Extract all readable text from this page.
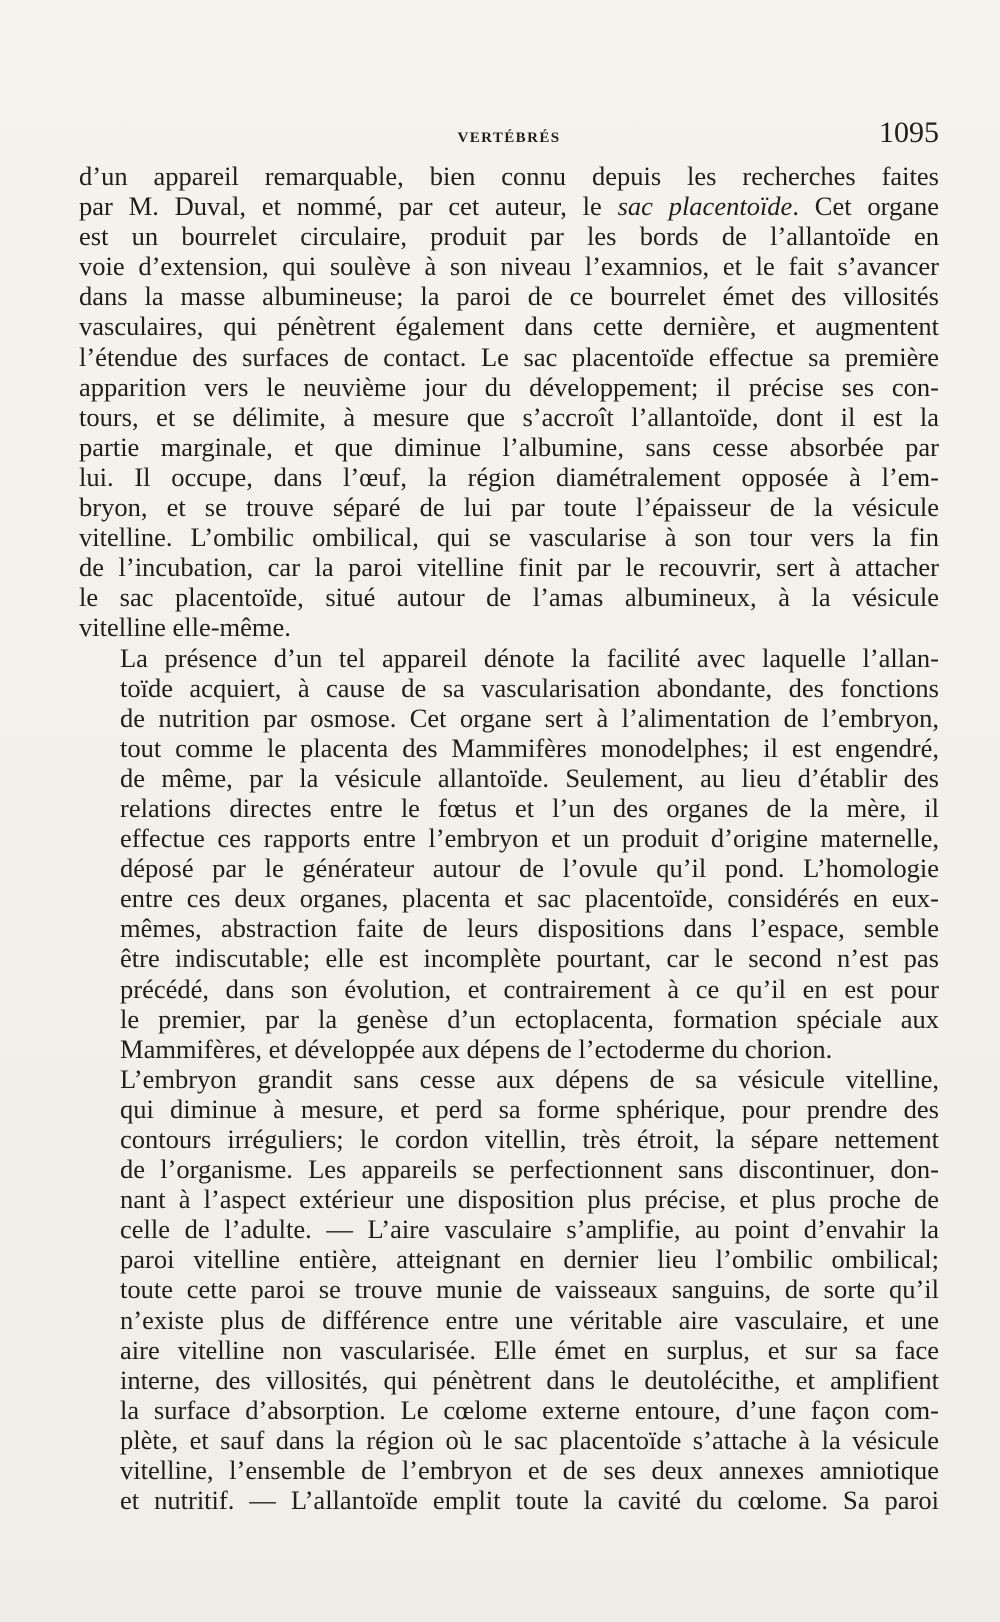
VERTÉBRÉS	1095
d’un appareil remarquable, bien connu depuis les recherches faites
par M. Duval, et nommé, par cet auteur, le sac placentoïde. Cet organe
est un bourrelet circulaire, produit par les bords de l’allantoïde en
voie d’extension, qui soulève à son niveau l’examnios, et le fait s’avancer
dans la masse albumineuse; la paroi de ce bourrelet émet des villosités
vasculaires, qui pénètrent également dans cette dernière, et augmentent
l’étendue des surfaces de contact. Le sac placentoïde effectue sa première
apparition vers le neuvième jour du développement; il précise ses con-
tours, et se délimite, à mesure que s’accroît l’allantoïde, dont il est la
partie marginale, et que diminue l’albumine, sans cesse absorbée par
lui. Il occupe, dans l’œuf, la région diamétralement opposée à l’em-
bryon, et se trouve séparé de lui par toute l’épaisseur de la vésicule
vitelline. L’ombilic ombilical, qui se vascularise à son tour vers la fin
de l’incubation, car la paroi vitelline finit par le recouvrir, sert à attacher
le sac placentoïde, situé autour de l’amas albumineux, à la vésicule
vitelline elle-même.
La présence d’un tel appareil dénote la facilité avec laquelle l’allan-
toïde acquiert, à cause de sa vascularisation abondante, des fonctions
de nutrition par osmose. Cet organe sert à l’alimentation de l’embryon,
tout comme le placenta des Mammifères monodelphes; il est engendré,
de même, par la vésicule allantoïde. Seulement, au lieu d’établir des
relations directes entre le fœtus et l’un des organes de la mère, il
effectue ces rapports entre l’embryon et un produit d’origine maternelle,
déposé par le générateur autour de l’ovule qu’il pond. L’homologie
entre ces deux organes, placenta et sac placentoïde, considérés en eux-
mêmes, abstraction faite de leurs dispositions dans l’espace, semble
être indiscutable; elle est incomplète pourtant, car le second n’est pas
précédé, dans son évolution, et contrairement à ce qu’il en est pour
le premier, par la genèse d’un ectoplacenta, formation spéciale aux
Mammifères, et développée aux dépens de l’ectoderme du chorion.
L’embryon grandit sans cesse aux dépens de sa vésicule vitelline,
qui diminue à mesure, et perd sa forme sphérique, pour prendre des
contours irréguliers; le cordon vitellin, très étroit, la sépare nettement
de l’organisme. Les appareils se perfectionnent sans discontinuer, don-
nant à l’aspect extérieur une disposition plus précise, et plus proche de
celle de l’adulte. — L’aire vasculaire s’amplifie, au point d’envahir la
paroi vitelline entière, atteignant en dernier lieu l’ombilic ombilical;
toute cette paroi se trouve munie de vaisseaux sanguins, de sorte qu’il
n’existe plus de différence entre une véritable aire vasculaire, et une
aire vitelline non vascularisée. Elle émet en surplus, et sur sa face
interne, des villosités, qui pénètrent dans le deutolécithe, et amplifient
la surface d’absorption. Le cœlome externe entoure, d’une façon com-
plète, et sauf dans la région où le sac placentoïde s’attache à la vésicule
vitelline, l’ensemble de l’embryon et de ses deux annexes amniotique
et nutritif. — L’allantoïde emplit toute la cavité du cœlome. Sa paroi
